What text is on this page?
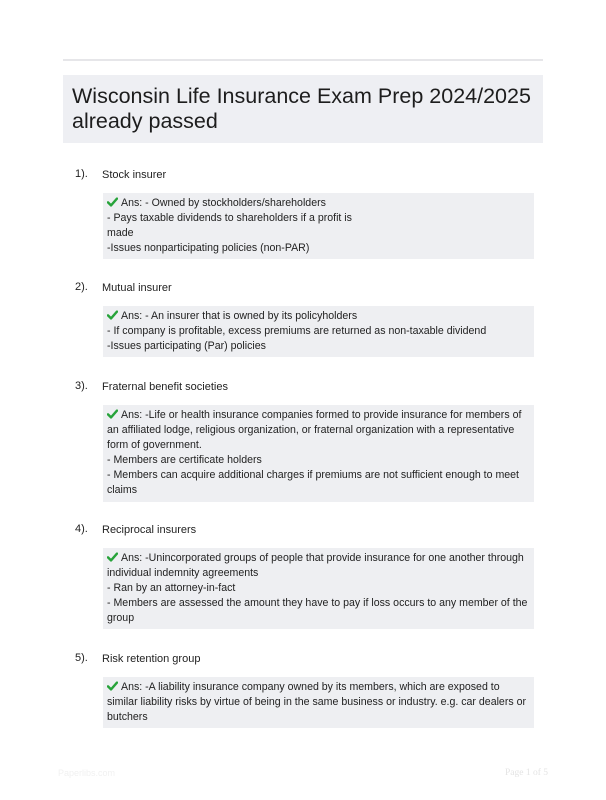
Wisconsin Life Insurance Exam Prep 2024/2025
already passed
1). Stock insurer
Ans: - Owned by stockholders/shareholders
- Pays taxable dividends to shareholders if a profit is
made
-Issues nonparticipating policies (non-PAR)
2). Mutual insurer
Ans: - An insurer that is owned by its policyholders
- If company is profitable, excess premiums are returned as non-taxable dividend
-Issues participating (Par) policies
3). Fraternal benefit societies
Ans: -Life or health insurance companies formed to provide insurance for members of
an affiliated lodge, religious organization, or fraternal organization with a representative
form of government.
- Members are certificate holders
- Members can acquire additional charges if premiums are not sufficient enough to meet
claims
4). Reciprocal insurers
Ans: -Unincorporated groups of people that provide insurance for one another through
individual indemnity agreements
- Ran by an attorney-in-fact
- Members are assessed the amount they have to pay if loss occurs to any member of the
group
5). Risk retention group
Ans: -A liability insurance company owned by its members, which are exposed to
similar liability risks by virtue of being in the same business or industry. e.g. car dealers or
butchers
Paperlibs.com	Page 1 of 5
